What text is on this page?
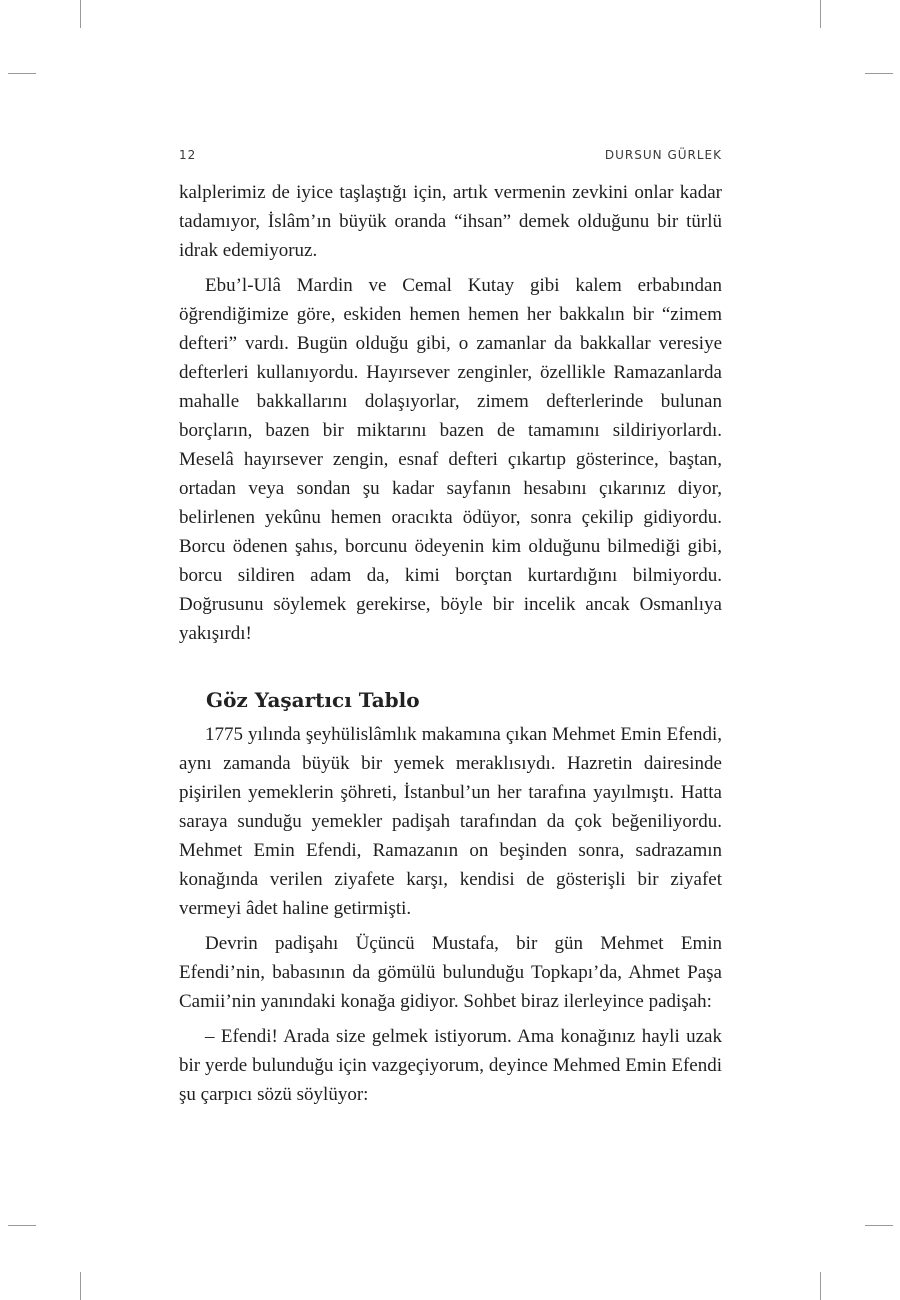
12	DURSUN GÜRLEK

kalplerimiz de iyice taşlaştığı için, artık vermenin zevkini onlar kadar tadamıyor, İslâm’ın büyük oranda “ihsan” demek olduğunu bir türlü idrak edemiyoruz.

Ebu’l-Ulâ Mardin ve Cemal Kutay gibi kalem erbabından öğrendiğimize göre, eskiden hemen hemen her bakkalın bir “zimem defteri” vardı. Bugün olduğu gibi, o zamanlar da bakkallar veresiye defterleri kullanıyordu. Hayırsever zenginler, özellikle Ramazanlarda mahalle bakkallarını dolaşıyorlar, zimem defterlerinde bulunan borçların, bazen bir miktarını bazen de tamamını sildiriyorlardı. Meselâ hayırsever zengin, esnaf defteri çıkartıp gösterince, baştan, ortadan veya sondan şu kadar sayfanın hesabını çıkarınız diyor, belirlenen yekûnu hemen oracıkta ödüyor, sonra çekilip gidiyordu. Borcu ödenen şahıs, borcunu ödeyenin kim olduğunu bilmediği gibi, borcu sildiren adam da, kimi borçtan kurtardığını bilmiyordu. Doğrusunu söylemek gerekirse, böyle bir incelik ancak Osmanlıya yakışırdı!

Göz Yaşartıcı Tablo

1775 yılında şeyhülislâmlık makamına çıkan Mehmet Emin Efendi, aynı zamanda büyük bir yemek meraklısıydı. Hazretin dairesinde pişirilen yemeklerin şöhreti, İstanbul’un her tarafına yayılmıştı. Hatta saraya sunduğu yemekler padişah tarafından da çok beğeniliyordu. Mehmet Emin Efendi, Ramazanın on beşinden sonra, sadrazamın konağında verilen ziyafete karşı, kendisi de gösterişli bir ziyafet vermeyi âdet haline getirmişti.

Devrin padişahı Üçüncü Mustafa, bir gün Mehmet Emin Efendi’nin, babasının da gömülü bulunduğu Topkapı’da, Ahmet Paşa Camii’nin yanındaki konağa gidiyor. Sohbet biraz ilerleyince padişah:

– Efendi! Arada size gelmek istiyorum. Ama konağınız hayli uzak bir yerde bulunduğu için vazgeçiyorum, deyince Mehmed Emin Efendi şu çarpıcı sözü söylüyor:
